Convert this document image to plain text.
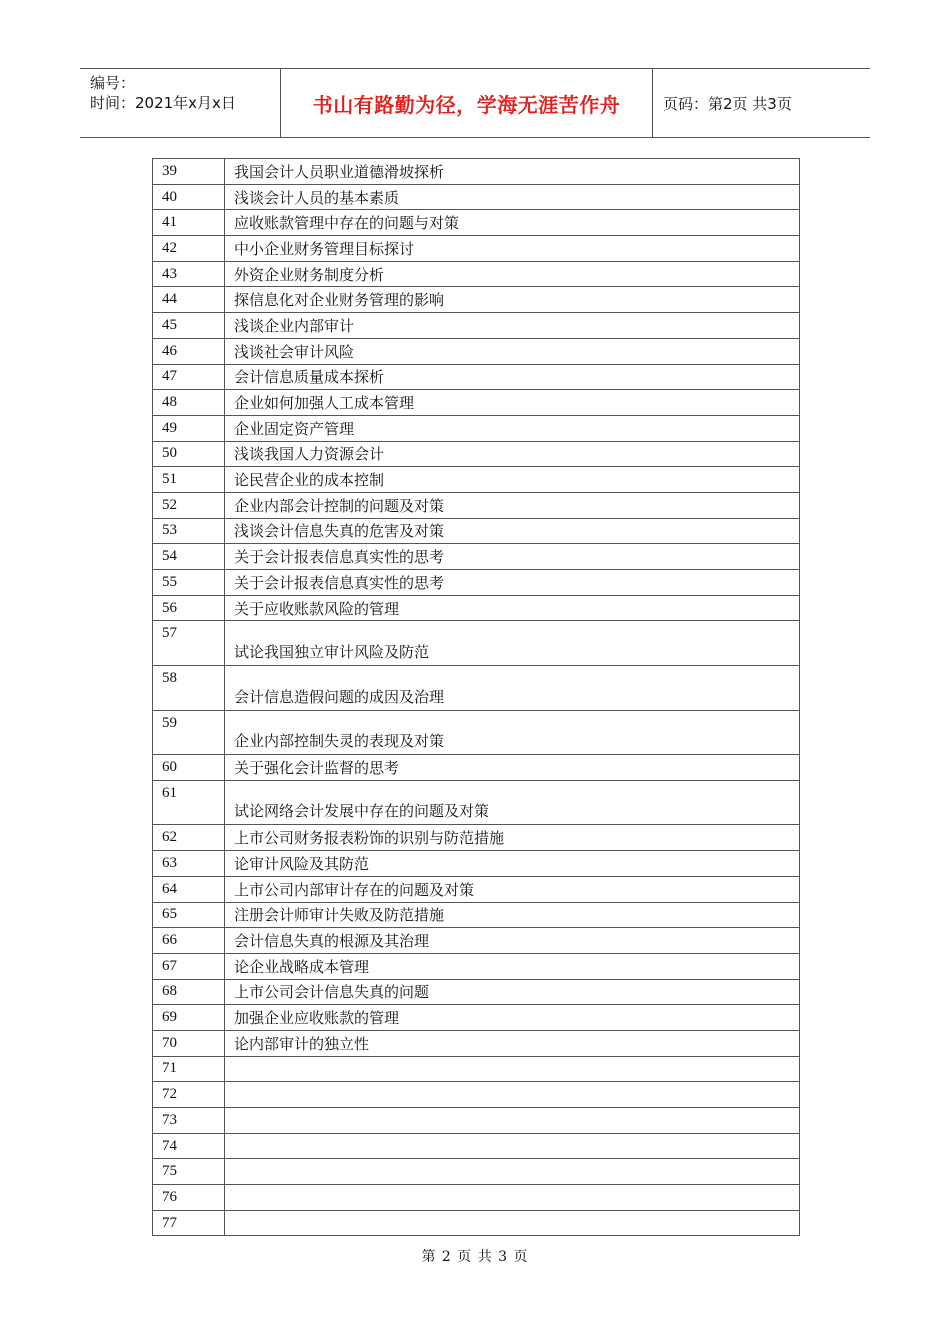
编号：
时间：2021年x月x日	书山有路勤为径，学海无涯苦作舟	页码：第2页 共3页
39	我国会计人员职业道德滑坡探析
40	浅谈会计人员的基本素质
41	应收账款管理中存在的问题与对策
42	中小企业财务管理目标探讨
43	外资企业财务制度分析
44	探信息化对企业财务管理的影响
45	浅谈企业内部审计
46	浅谈社会审计风险
47	会计信息质量成本探析
48	企业如何加强人工成本管理
49	企业固定资产管理
50	浅谈我国人力资源会计
51	论民营企业的成本控制
52	企业内部会计控制的问题及对策
53	浅谈会计信息失真的危害及对策
54	关于会计报表信息真实性的思考
55	关于会计报表信息真实性的思考
56	关于应收账款风险的管理
57	试论我国独立审计风险及防范
58	会计信息造假问题的成因及治理
59	企业内部控制失灵的表现及对策
60	关于强化会计监督的思考
61	试论网络会计发展中存在的问题及对策
62	上市公司财务报表粉饰的识别与防范措施
63	论审计风险及其防范
64	上市公司内部审计存在的问题及对策
65	注册会计师审计失败及防范措施
66	会计信息失真的根源及其治理
67	论企业战略成本管理
68	上市公司会计信息失真的问题
69	加强企业应收账款的管理
70	论内部审计的独立性
71	
72	
73	
74	
75	
76	
77	
第 2 页 共 3 页
